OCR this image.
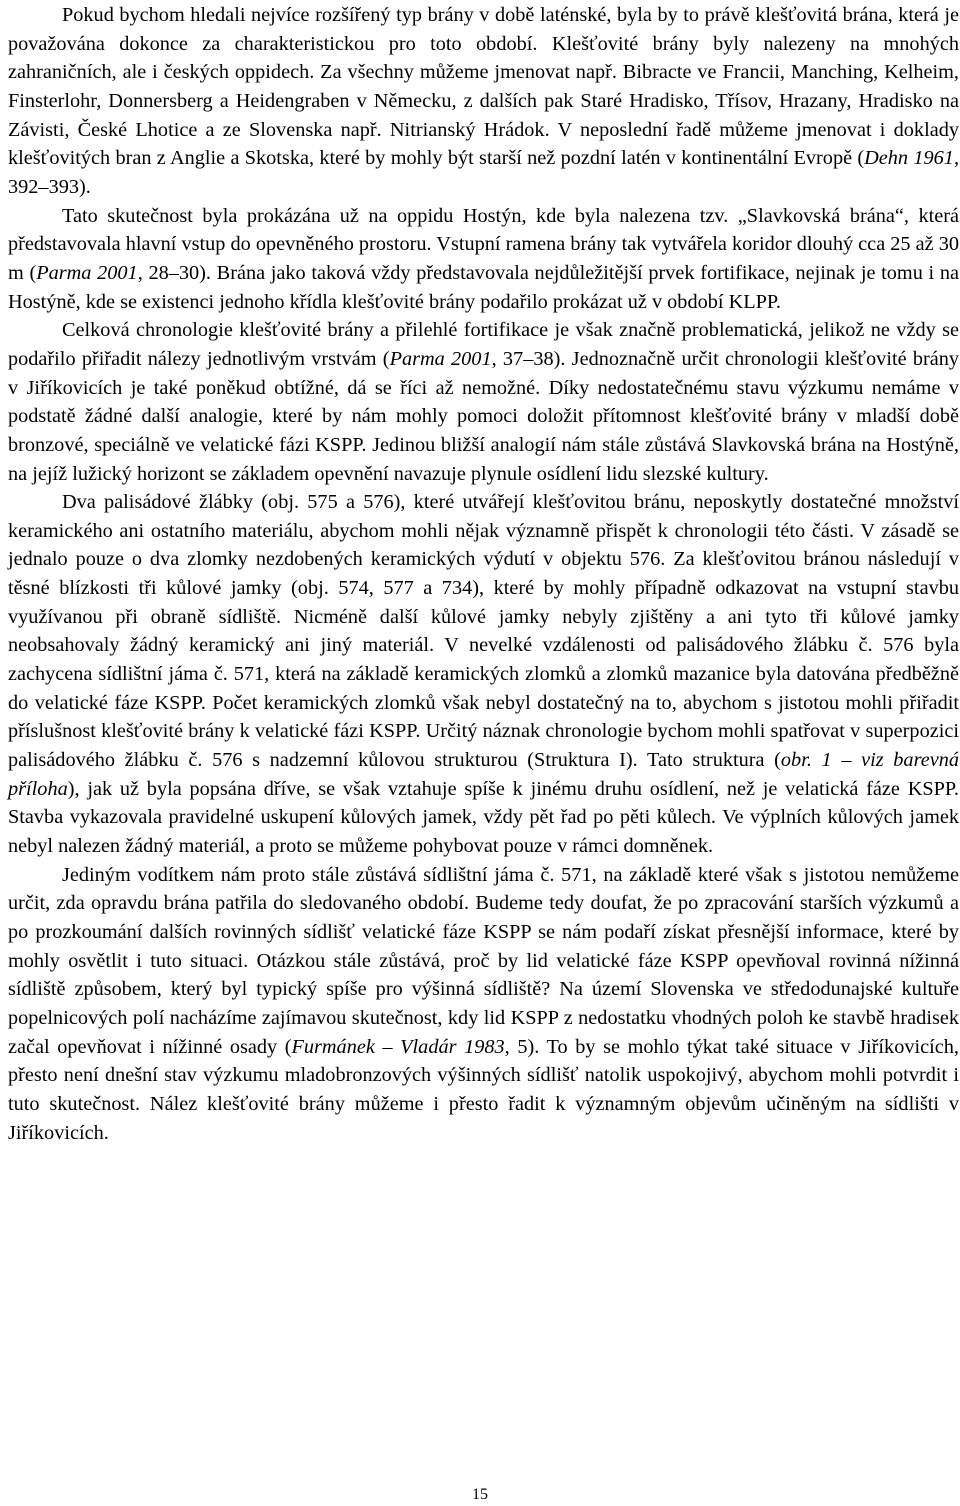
Pokud bychom hledali nejvíce rozšířený typ brány v době laténské, byla by to právě klešťovitá brána, která je považována dokonce za charakteristickou pro toto období. Klešťovité brány byly nalezeny na mnohých zahraničních, ale i českých oppidech. Za všechny můžeme jmenovat např. Bibracte ve Francii, Manching, Kelheim, Finsterlohr, Donnersberg a Heidengraben v Německu, z dalších pak Staré Hradisko, Třísov, Hrazany, Hradisko na Závisti, České Lhotice a ze Slovenska např. Nitrianský Hrádok. V neposlední řadě můžeme jmenovat i doklady klešťovitých bran z Anglie a Skotska, které by mohly být starší než pozdní latén v kontinentální Evropě (Dehn 1961, 392–393).

Tato skutečnost byla prokázána už na oppidu Hostýn, kde byla nalezena tzv. „Slavkovská brána“, která představovala hlavní vstup do opevněného prostoru. Vstupní ramena brány tak vytvářela koridor dlouhý cca 25 až 30 m (Parma 2001, 28–30). Brána jako taková vždy představovala nejdůležitější prvek fortifikace, nejinak je tomu i na Hostýně, kde se existenci jednoho křídla klešťovité brány podařilo prokázat už v období KLPP.

Celková chronologie klešťovité brány a přilehlé fortifikace je však značně problematická, jelikož ne vždy se podařilo přiřadit nálezy jednotlivým vrstvám (Parma 2001, 37–38). Jednoznačně určit chronologii klešťovité brány v Jiříkovicích je také poněkud obtížné, dá se říci až nemožné. Díky nedostatečnému stavu výzkumu nemáme v podstatě žádné další analogie, které by nám mohly pomoci doložit přítomnost klešťovité brány v mladší době bronzové, speciálně ve velatické fázi KSPP. Jedinou bližší analogií nám stále zůstává Slavkovská brána na Hostýně, na jejíž lužický horizont se základem opevnění navazuje plynule osídlení lidu slezské kultury.

Dva palisádové žlábky (obj. 575 a 576), které utvářejí klešťovitou bránu, neposkytly dostatečné množství keramického ani ostatního materiálu, abychom mohli nějak významně přispět k chronologii této části. V zásadě se jednalo pouze o dva zlomky nezdobených keramických výdutí v objektu 576. Za klešťovitou bránou následují v těsné blízkosti tři kůlové jamky (obj. 574, 577 a 734), které by mohly případně odkazovat na vstupní stavbu využívanou při obraně sídliště. Nicméně další kůlové jamky nebyly zjištěny a ani tyto tři kůlové jamky neobsahovaly žádný keramický ani jiný materiál. V nevelké vzdálenosti od palisádového žlábku č. 576 byla zachycena sídlištní jáma č. 571, která na základě keramických zlomků a zlomků mazanice byla datována předběžně do velatické fáze KSPP. Počet keramických zlomků však nebyl dostatečný na to, abychom s jistotou mohli přiřadit příslušnost klešťovité brány k velatické fázi KSPP. Určitý náznak chronologie bychom mohli spatřovat v superpozici palisádového žlábku č. 576 s nadzemní kůlovou strukturou (Struktura I). Tato struktura (obr. 1 – viz barevná příloha), jak už byla popsána dříve, se však vztahuje spíše k jinému druhu osídlení, než je velatická fáze KSPP. Stavba vykazovala pravidelné uskupení kůlových jamek, vždy pět řad po pěti kůlech. Ve výplních kůlových jamek nebyl nalezen žádný materiál, a proto se můžeme pohybovat pouze v rámci domněnek.

Jediným vodítkem nám proto stále zůstává sídlištní jáma č. 571, na základě které však s jistotou nemůžeme určit, zda opravdu brána patřila do sledovaného období. Budeme tedy doufat, že po zpracování starších výzkumů a po prozkoumání dalších rovinných sídlišť velatické fáze KSPP se nám podaří získat přesnější informace, které by mohly osvětlit i tuto situaci. Otázkou stále zůstává, proč by lid velatické fáze KSPP opevňoval rovinná nížinná sídliště způsobem, který byl typický spíše pro výšinná sídliště? Na území Slovenska ve středodunajské kultuře popelnicových polí nacházíme zajímavou skutečnost, kdy lid KSPP z nedostatku vhodných poloh ke stavbě hradisek začal opevňovat i nížinné osady (Furmánek – Vladár 1983, 5). To by se mohlo týkat také situace v Jiříkovicích, přesto není dnešní stav výzkumu mladobronzových výšinných sídlišť natolik uspokojivý, abychom mohli potvrdit i tuto skutečnost. Nález klešťovité brány můžeme i přesto řadit k významným objevům učiněným na sídlišti v Jiříkovicích.

15
